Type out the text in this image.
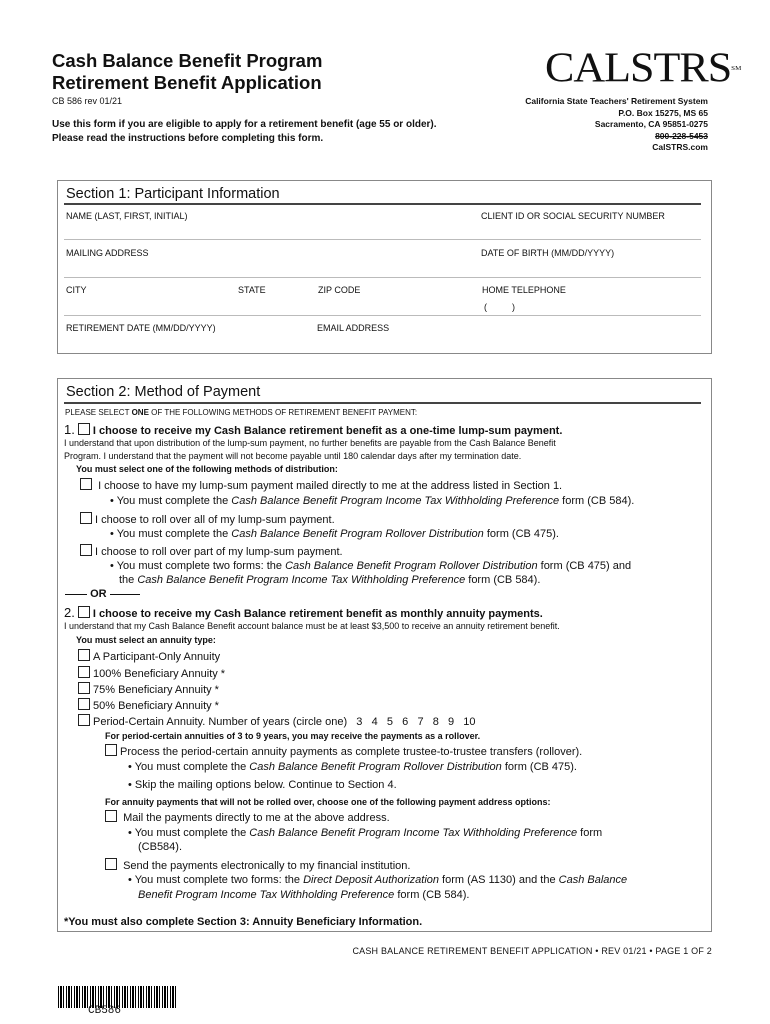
Cash Balance Benefit Program
Retirement Benefit Application
CB 586 rev 01/21
Use this form if you are eligible to apply for a retirement benefit (age 55 or older).
Please read the instructions before completing this form.
CALSTRSSM
California State Teachers' Retirement System
P.O. Box 15275, MS 65
Sacramento, CA 95851-0275
800-228-5453
CalSTRS.com
Section 1: Participant Information
NAME (LAST, FIRST, INITIAL)	CLIENT ID OR SOCIAL SECURITY NUMBER
MAILING ADDRESS	DATE OF BIRTH (MM/DD/YYYY)
CITY	STATE	ZIP CODE	HOME TELEPHONE
(          )
RETIREMENT DATE (MM/DD/YYYY)	EMAIL ADDRESS
Section 2: Method of Payment
PLEASE SELECT ONE OF THE FOLLOWING METHODS OF RETIREMENT BENEFIT PAYMENT:
1. I choose to receive my Cash Balance retirement benefit as a one-time lump-sum payment.
I understand that upon distribution of the lump-sum payment, no further benefits are payable from the Cash Balance Benefit
Program. I understand that the payment will not become payable until 180 calendar days after my termination date.
You must select one of the following methods of distribution:
I choose to have my lump-sum payment mailed directly to me at the address listed in Section 1.
• You must complete the Cash Balance Benefit Program Income Tax Withholding Preference form (CB 584).
I choose to roll over all of my lump-sum payment.
• You must complete the Cash Balance Benefit Program Rollover Distribution form (CB 475).
I choose to roll over part of my lump-sum payment.
• You must complete two forms: the Cash Balance Benefit Program Rollover Distribution form (CB 475) and
the Cash Balance Benefit Program Income Tax Withholding Preference form (CB 584).
OR
2. I choose to receive my Cash Balance retirement benefit as monthly annuity payments.
I understand that my Cash Balance Benefit account balance must be at least $3,500 to receive an annuity retirement benefit.
You must select an annuity type:
A Participant-Only Annuity
100% Beneficiary Annuity *
75% Beneficiary Annuity *
50% Beneficiary Annuity *
Period-Certain Annuity. Number of years (circle one) 3   4   5   6   7   8   9   10
For period-certain annuities of 3 to 9 years, you may receive the payments as a rollover.
Process the period-certain annuity payments as complete trustee-to-trustee transfers (rollover).
• You must complete the Cash Balance Benefit Program Rollover Distribution form (CB 475).
• Skip the mailing options below. Continue to Section 4.
For annuity payments that will not be rolled over, choose one of the following payment address options:
Mail the payments directly to me at the above address.
• You must complete the Cash Balance Benefit Program Income Tax Withholding Preference form
(CB584).
Send the payments electronically to my financial institution.
• You must complete two forms: the Direct Deposit Authorization form (AS 1130) and the Cash Balance
Benefit Program Income Tax Withholding Preference form (CB 584).
*You must also complete Section 3: Annuity Beneficiary Information.
CASH BALANCE RETIREMENT BENEFIT APPLICATION • REV 01/21 • PAGE 1 OF 2
CB586
